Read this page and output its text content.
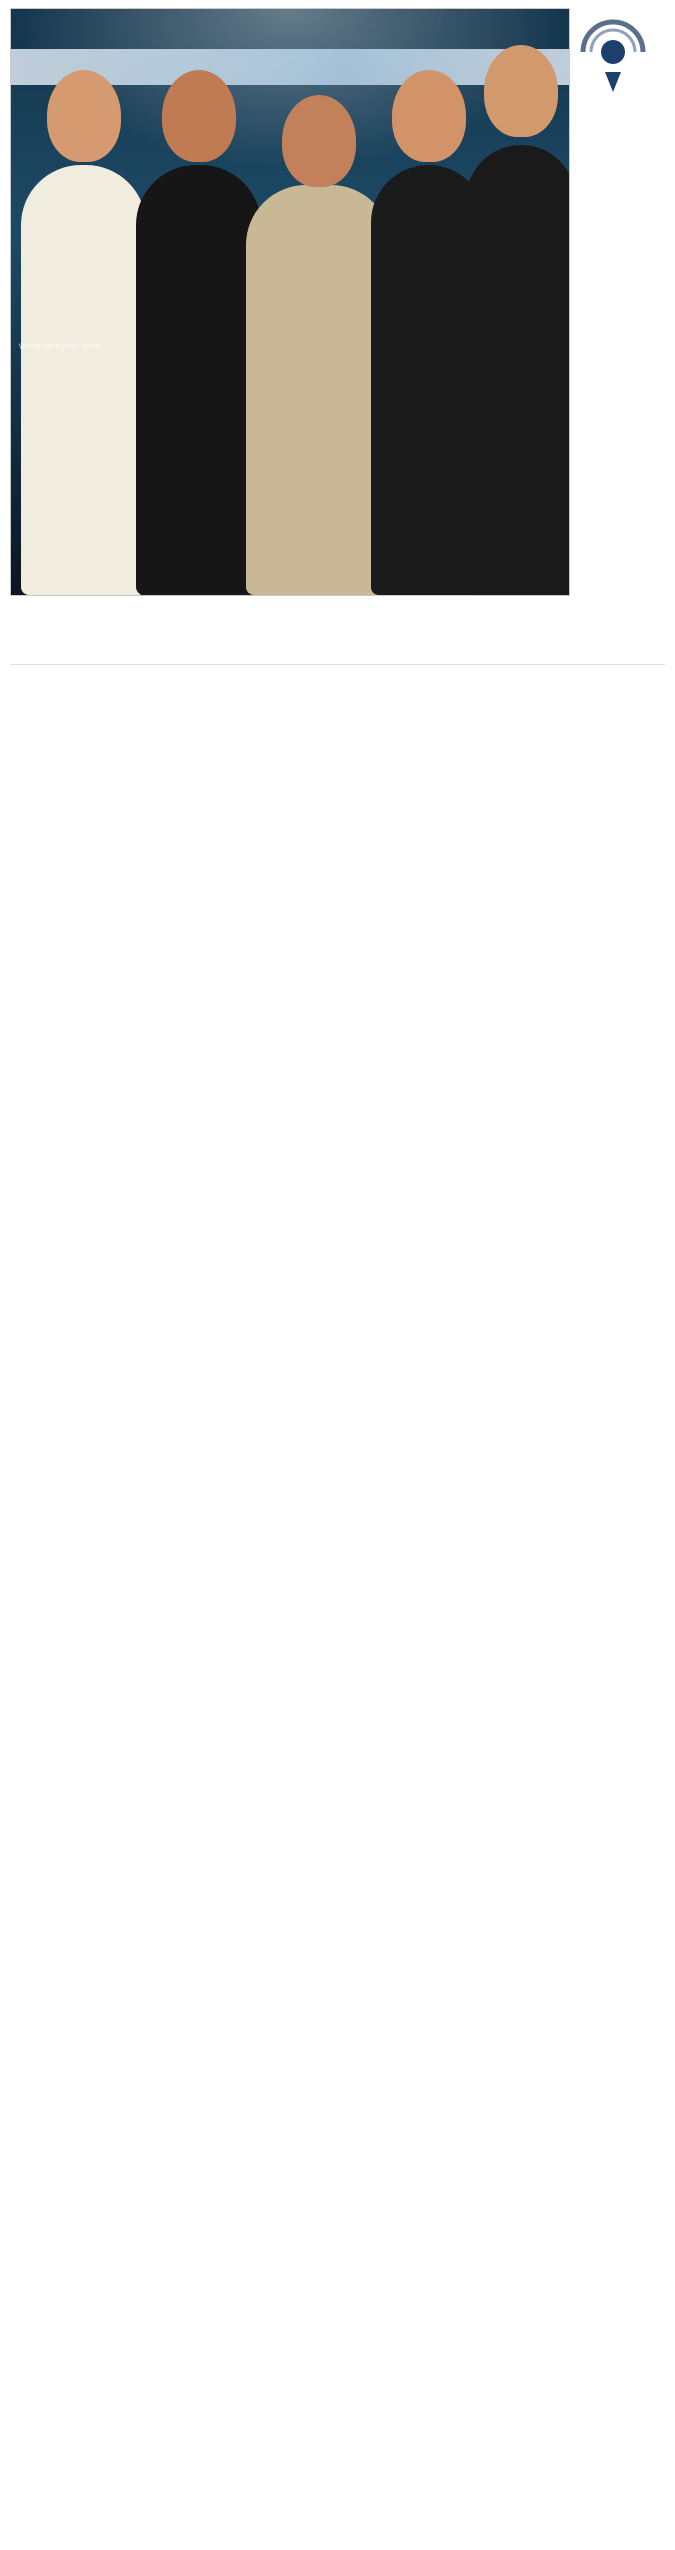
www.cinejosh.com
